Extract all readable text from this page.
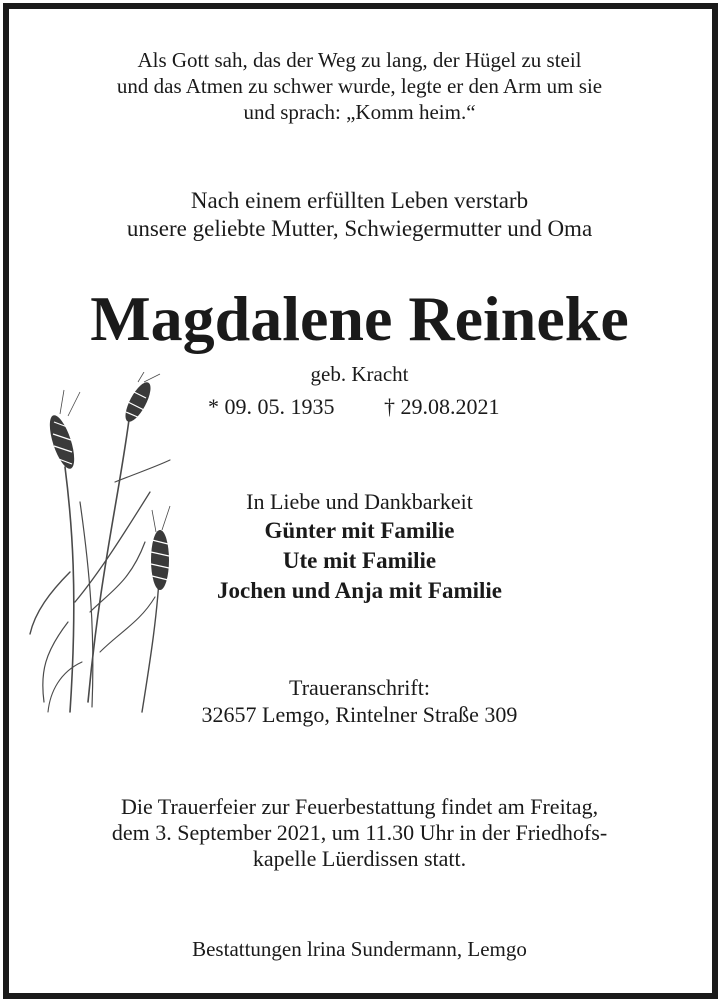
Als Gott sah, das der Weg zu lang, der Hügel zu steil
und das Atmen zu schwer wurde, legte er den Arm um sie
und sprach: „Komm heim.“
Nach einem erfüllten Leben verstarb
unsere geliebte Mutter, Schwiegermutter und Oma
Magdalene Reineke
geb. Kracht
* 09. 05. 1935 † 29.08.2021
In Liebe und Dankbarkeit
Günter mit Familie
Ute mit Familie
Jochen und Anja mit Familie
Traueranschrift:
32657 Lemgo, Rintelner Straße 309
Die Trauerfeier zur Feuerbestattung findet am Freitag,
dem 3. September 2021, um 11.30 Uhr in der Friedhofs-
kapelle Lüerdissen statt.
Bestattungen lrina Sundermann, Lemgo
